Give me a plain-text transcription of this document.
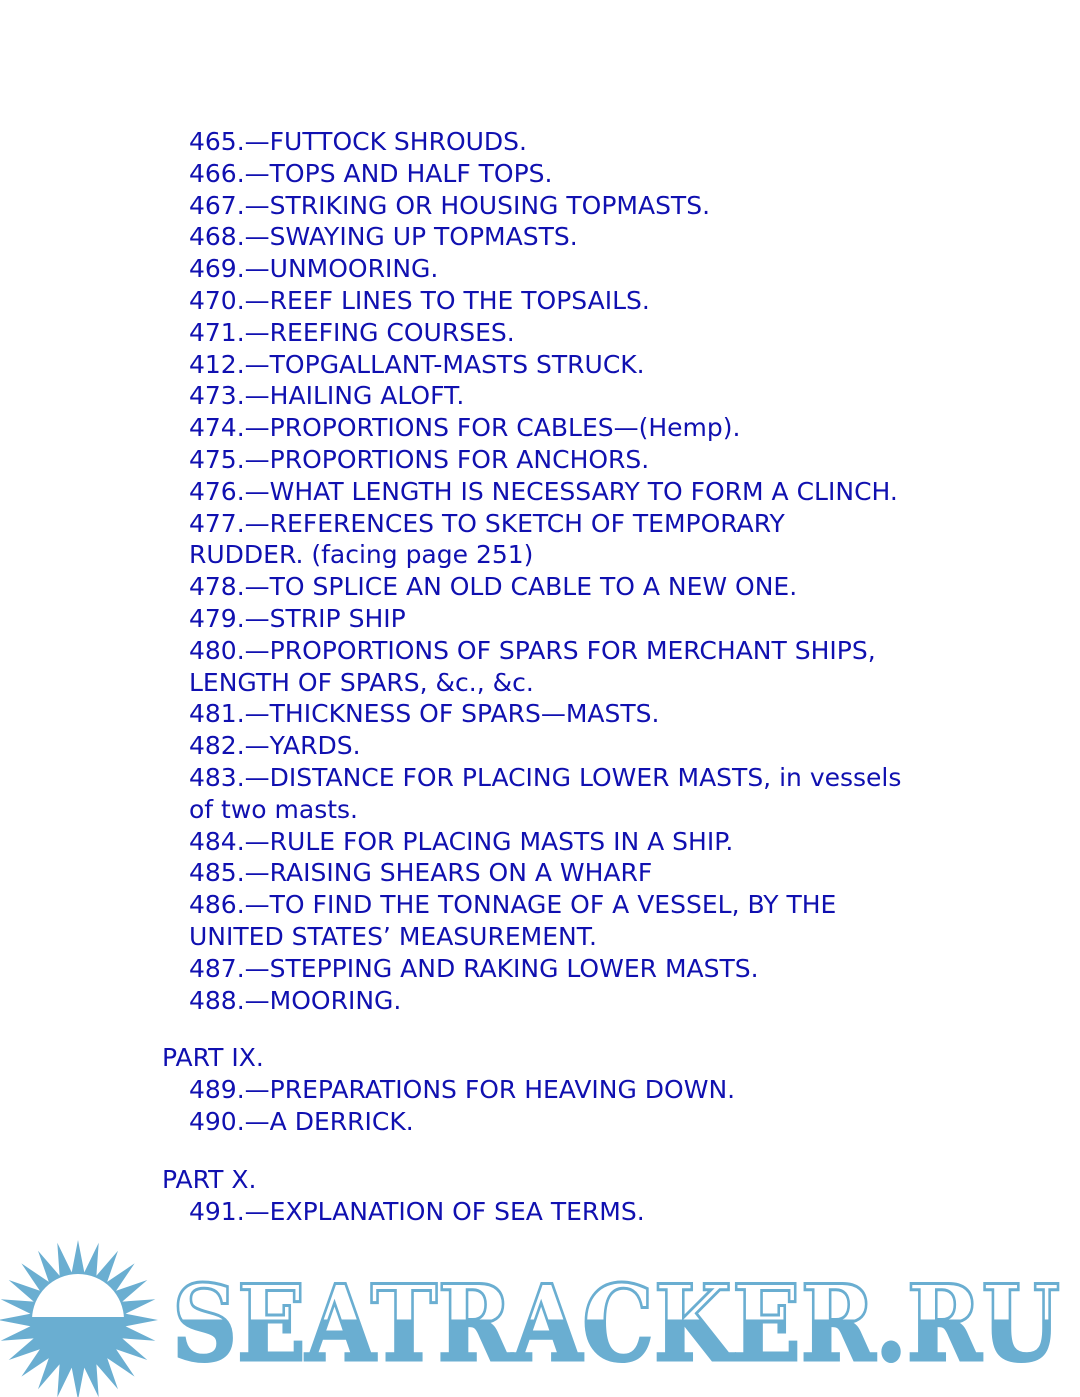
465.—FUTTOCK SHROUDS.
466.—TOPS AND HALF TOPS.
467.—STRIKING OR HOUSING TOPMASTS.
468.—SWAYING UP TOPMASTS.
469.—UNMOORING.
470.—REEF LINES TO THE TOPSAILS.
471.—REEFING COURSES.
412.—TOPGALLANT-MASTS STRUCK.
473.—HAILING ALOFT.
474.—PROPORTIONS FOR CABLES—(Hemp).
475.—PROPORTIONS FOR ANCHORS.
476.—WHAT LENGTH IS NECESSARY TO FORM A CLINCH.
477.—REFERENCES TO SKETCH OF TEMPORARY
RUDDER. (facing page 251)
478.—TO SPLICE AN OLD CABLE TO A NEW ONE.
479.—STRIP SHIP
480.—PROPORTIONS OF SPARS FOR MERCHANT SHIPS,
LENGTH OF SPARS, &c., &c.
481.—THICKNESS OF SPARS—MASTS.
482.—YARDS.
483.—DISTANCE FOR PLACING LOWER MASTS, in vessels
of two masts.
484.—RULE FOR PLACING MASTS IN A SHIP.
485.—RAISING SHEARS ON A WHARF
486.—TO FIND THE TONNAGE OF A VESSEL, BY THE
UNITED STATES’ MEASUREMENT.
487.—STEPPING AND RAKING LOWER MASTS.
488.—MOORING.
PART IX.
489.—PREPARATIONS FOR HEAVING DOWN.
490.—A DERRICK.
PART X.
491.—EXPLANATION OF SEA TERMS.
SEATRACKER.RU
